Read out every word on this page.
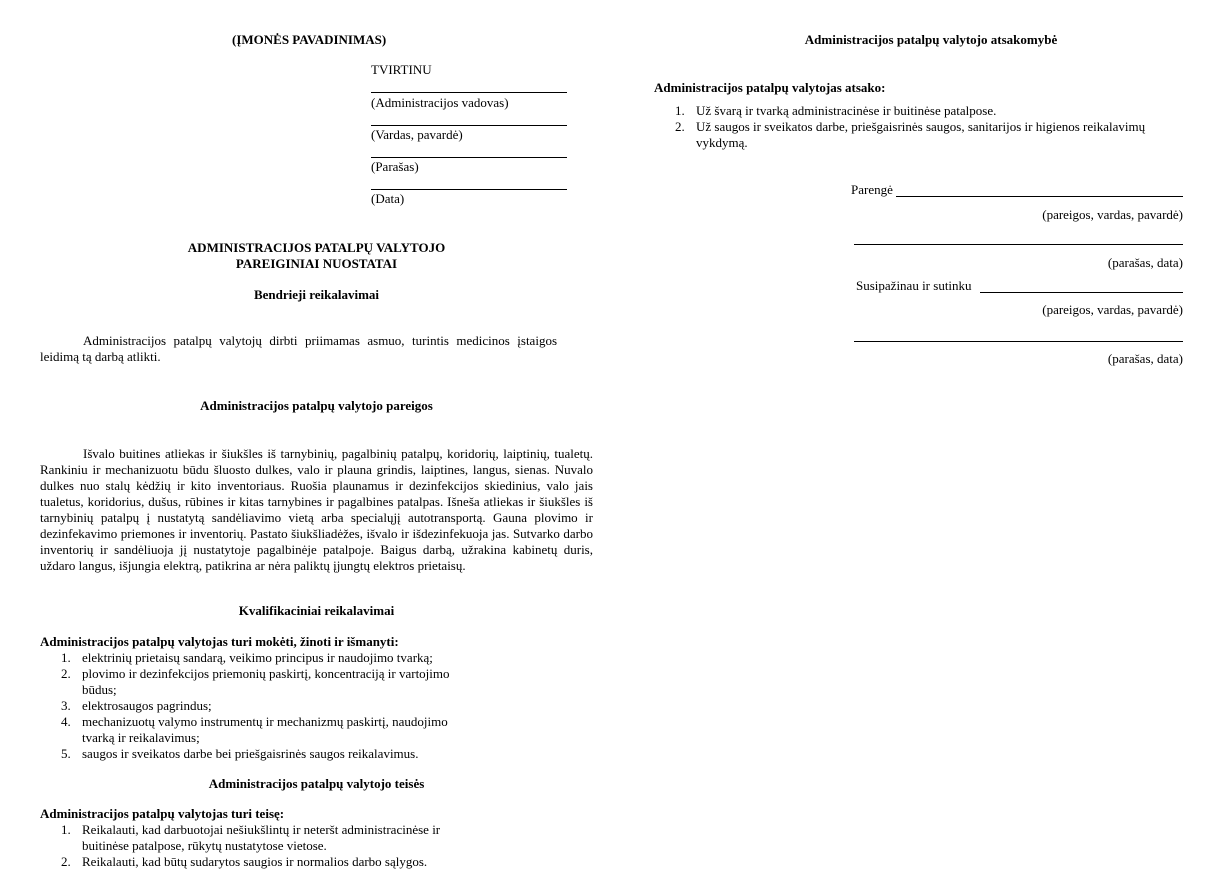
(ĮMONĖS PAVADINIMAS)
TVIRTINU
(Administracijos vadovas)
(Vardas, pavardė)
(Parašas)
(Data)
ADMINISTRACIJOS PATALPŲ VALYTOJO
PAREIGINIAI NUOSTATAI
Bendrieji reikalavimai
Administracijos patalpų valytojų dirbti priimamas asmuo, turintis medicinos įstaigos leidimą tą darbą atlikti.
Administracijos patalpų valytojo pareigos
Išvalo buitines atliekas ir šiukšles iš tarnybinių, pagalbinių patalpų, koridorių, laiptinių, tualetų. Rankiniu ir mechanizuotu būdu šluosto dulkes, valo ir plauna grindis, laiptines, langus, sienas. Nuvalo dulkes nuo stalų kėdžių ir kito inventoriaus. Ruošia plaunamus ir dezinfekcijos skiedinius, valo jais tualetus, koridorius, dušus, rūbines ir kitas tarnybines ir pagalbines patalpas. Išneša atliekas ir šiukšles iš tarnybinių patalpų į nustatytą sandėliavimo vietą arba specialųjį autotransportą. Gauna plovimo ir dezinfekavimo priemones ir inventorių. Pastato šiukšliadėžes, išvalo ir išdezinfekuoja jas. Sutvarko darbo inventorių ir sandėliuoja jį nustatytoje pagalbinėje patalpoje. Baigus darbą, užrakina kabinetų duris, uždaro langus, išjungia elektrą, patikrina ar nėra paliktų įjungtų elektros prietaisų.
Kvalifikaciniai reikalavimai
Administracijos patalpų valytojas turi mokėti, žinoti ir išmanyti:
1. elektrinių prietaisų sandarą, veikimo principus ir naudojimo tvarką;
2. plovimo ir dezinfekcijos priemonių paskirtį, koncentraciją ir vartojimo
būdus;
3. elektrosaugos pagrindus;
4. mechanizuotų valymo instrumentų ir mechanizmų paskirtį, naudojimo
tvarką ir reikalavimus;
5. saugos ir sveikatos darbe bei priešgaisrinės saugos reikalavimus.
Administracijos patalpų valytojo teisės
Administracijos patalpų valytojas turi teisę:
1. Reikalauti, kad darbuotojai nešiukšlintų ir neteršt administracinėse ir
buitinėse patalpose, rūkytų nustatytose vietose.
2. Reikalauti, kad būtų sudarytos saugios ir normalios darbo sąlygos.
Administracijos patalpų valytojo atsakomybė
Administracijos patalpų valytojas atsako:
1. Už švarą ir tvarką administracinėse ir buitinėse patalpose.
2. Už saugos ir sveikatos darbe, priešgaisrinės saugos, sanitarijos ir higienos reikalavimų
vykdymą.
Parengė
(pareigos, vardas, pavardė)
(parašas, data)
Susipažinau ir sutinku
(pareigos, vardas, pavardė)
(parašas, data)
